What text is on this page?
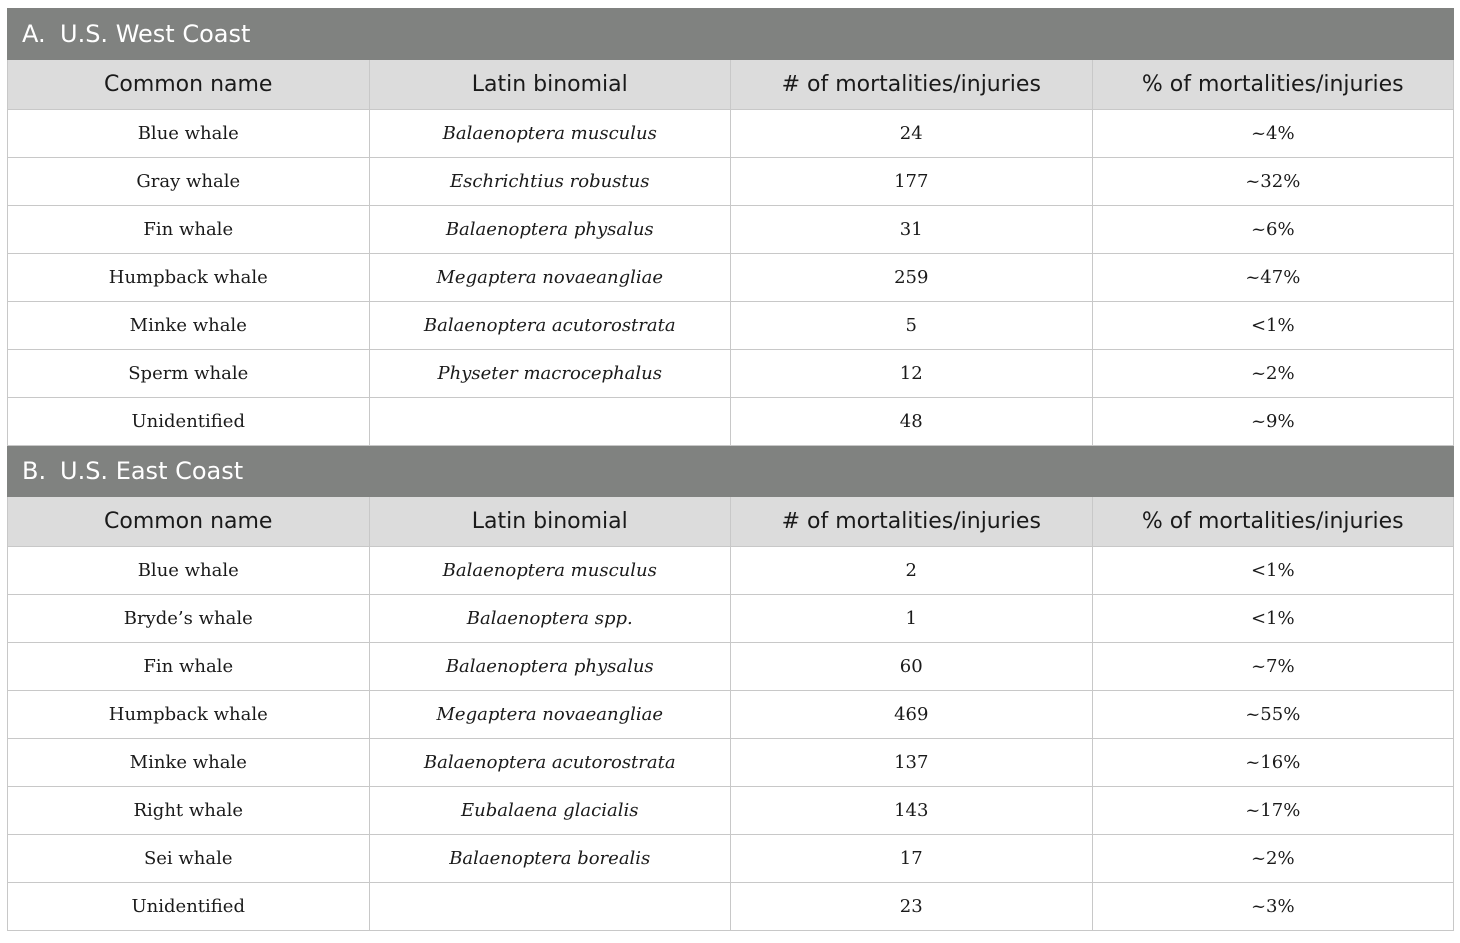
A. U.S. West Coast			
Common name	Latin binomial	# of mortalities/injuries	% of mortalities/injuries
Blue whale	Balaenoptera musculus	24	~4%
Gray whale	Eschrichtius robustus	177	~32%
Fin whale	Balaenoptera physalus	31	~6%
Humpback whale	Megaptera novaeangliae	259	~47%
Minke whale	Balaenoptera acutorostrata	5	<1%
Sperm whale	Physeter macrocephalus	12	~2%
Unidentified		48	~9%
B. U.S. East Coast			
Common name	Latin binomial	# of mortalities/injuries	% of mortalities/injuries
Blue whale	Balaenoptera musculus	2	<1%
Bryde’s whale	Balaenoptera spp.	1	<1%
Fin whale	Balaenoptera physalus	60	~7%
Humpback whale	Megaptera novaeangliae	469	~55%
Minke whale	Balaenoptera acutorostrata	137	~16%
Right whale	Eubalaena glacialis	143	~17%
Sei whale	Balaenoptera borealis	17	~2%
Unidentified		23	~3%
